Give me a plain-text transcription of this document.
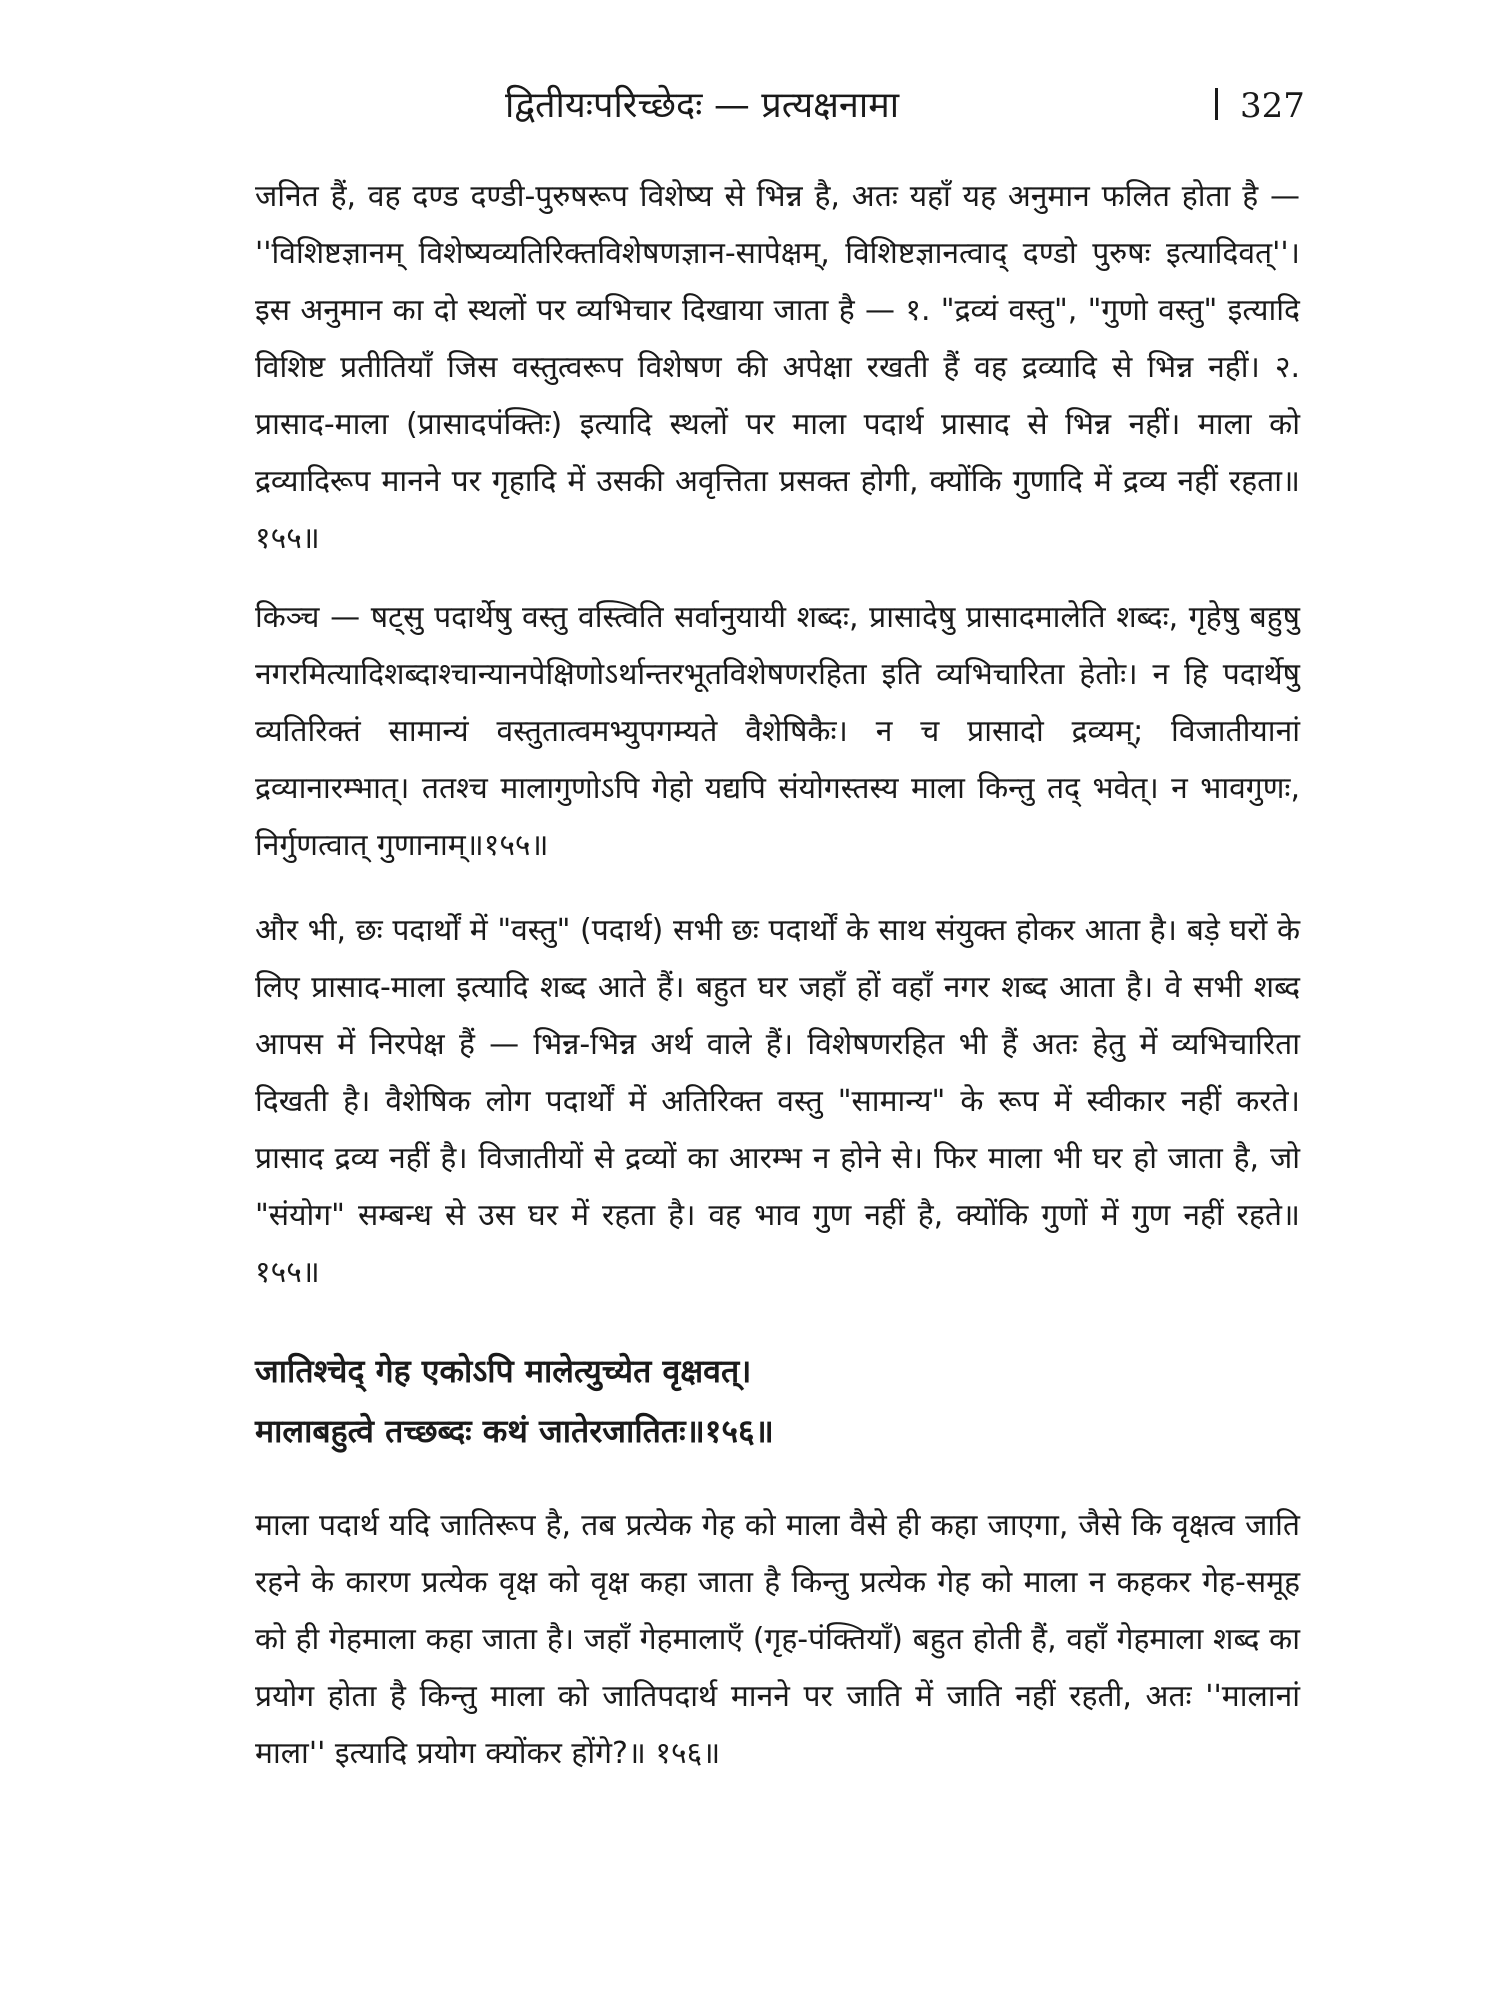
द्वितीयःपरिच्छेदः — प्रत्यक्षनामा	327

जनित हैं, वह दण्ड दण्डी-पुरुषरूप विशेष्य से भिन्न है, अतः यहाँ यह अनुमान फलित होता है — ''विशिष्टज्ञानम् विशेष्यव्यतिरिक्तविशेषणज्ञान-सापेक्षम्, विशिष्टज्ञानत्वाद् दण्डो पुरुषः इत्यादिवत्''। इस अनुमान का दो स्थलों पर व्यभिचार दिखाया जाता है — १. "द्रव्यं वस्तु", "गुणो वस्तु" इत्यादि विशिष्ट प्रतीतियाँ जिस वस्तुत्वरूप विशेषण की अपेक्षा रखती हैं वह द्रव्यादि से भिन्न नहीं। २. प्रासाद-माला (प्रासादपंक्तिः) इत्यादि स्थलों पर माला पदार्थ प्रासाद से भिन्न नहीं। माला को द्रव्यादिरूप मानने पर गृहादि में उसकी अवृत्तिता प्रसक्त होगी, क्योंकि गुणादि में द्रव्य नहीं रहता॥ १५५॥

किञ्च — षट्सु पदार्थेषु वस्तु वस्त्विति सर्वानुयायी शब्दः, प्रासादेषु प्रासादमालेति शब्दः, गृहेषु बहुषु नगरमित्यादिशब्दाश्चान्यानपेक्षिणोऽर्थान्तरभूतविशेषणरहिता इति व्यभिचारिता हेतोः। न हि पदार्थेषु व्यतिरिक्तं सामान्यं वस्तुतात्वमभ्युपगम्यते वैशेषिकैः। न च प्रासादो द्रव्यम्; विजातीयानां द्रव्यानारम्भात्। ततश्च मालागुणोऽपि गेहो यद्यपि संयोगस्तस्य माला किन्तु तद् भवेत्। न भावगुणः, निर्गुणत्वात् गुणानाम्॥१५५॥

और भी, छः पदार्थों में "वस्तु" (पदार्थ) सभी छः पदार्थों के साथ संयुक्त होकर आता है। बड़े घरों के लिए प्रासाद-माला इत्यादि शब्द आते हैं। बहुत घर जहाँ हों वहाँ नगर शब्द आता है। वे सभी शब्द आपस में निरपेक्ष हैं — भिन्न-भिन्न अर्थ वाले हैं। विशेषणरहित भी हैं अतः हेतु में व्यभिचारिता दिखती है। वैशेषिक लोग पदार्थों में अतिरिक्त वस्तु "सामान्य" के रूप में स्वीकार नहीं करते। प्रासाद द्रव्य नहीं है। विजातीयों से द्रव्यों का आरम्भ न होने से। फिर माला भी घर हो जाता है, जो "संयोग" सम्बन्ध से उस घर में रहता है। वह भाव गुण नहीं है, क्योंकि गुणों में गुण नहीं रहते॥ १५५॥

जातिश्चेद् गेह एकोऽपि मालेत्युच्येत वृक्षवत्।
मालाबहुत्वे तच्छब्दः कथं जातेरजातितः॥१५६॥

माला पदार्थ यदि जातिरूप है, तब प्रत्येक गेह को माला वैसे ही कहा जाएगा, जैसे कि वृक्षत्व जाति रहने के कारण प्रत्येक वृक्ष को वृक्ष कहा जाता है किन्तु प्रत्येक गेह को माला न कहकर गेह-समूह को ही गेहमाला कहा जाता है। जहाँ गेहमालाएँ (गृह-पंक्तियाँ) बहुत होती हैं, वहाँ गेहमाला शब्द का प्रयोग होता है किन्तु माला को जातिपदार्थ मानने पर जाति में जाति नहीं रहती, अतः ''मालानां माला'' इत्यादि प्रयोग क्योंकर होंगे?॥ १५६॥
